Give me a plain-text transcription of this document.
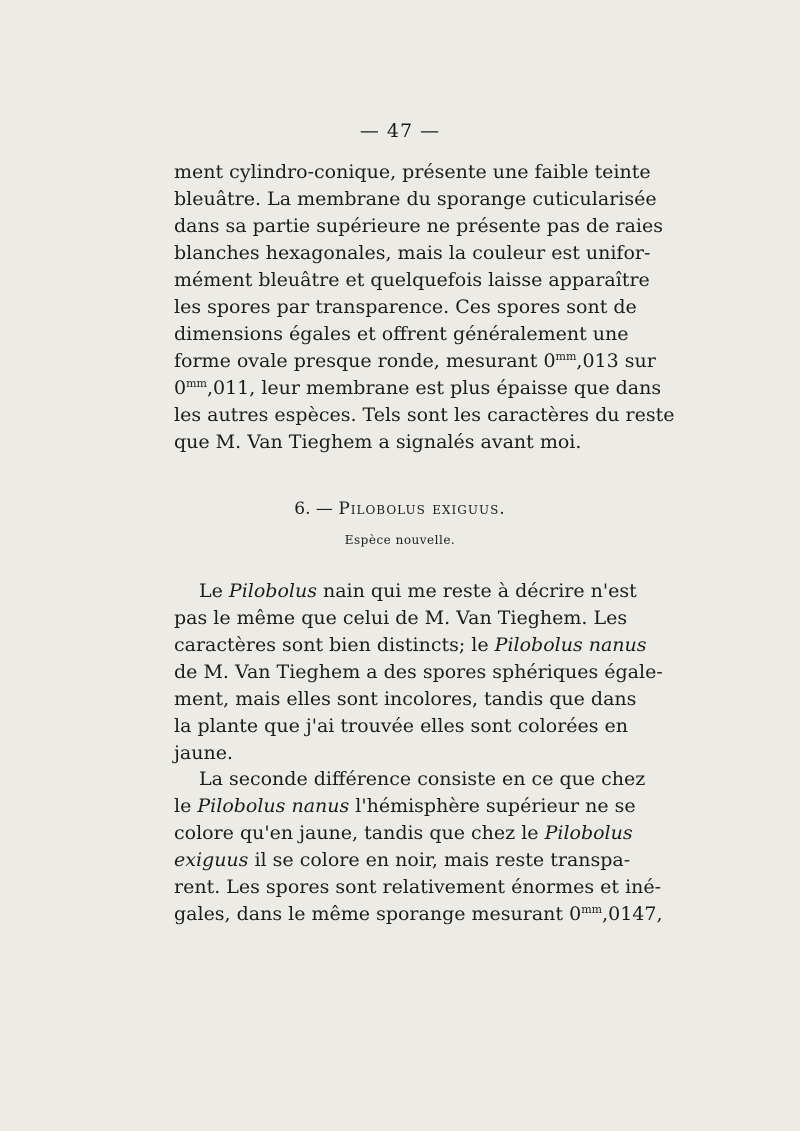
— 47 —
ment cylindro-conique, présente une faible teinte
bleuâtre. La membrane du sporange cuticularisée
dans sa partie supérieure ne présente pas de raies
blanches hexagonales, mais la couleur est unifor-
mément bleuâtre et quelquefois laisse apparaître
les spores par transparence. Ces spores sont de
dimensions égales et offrent généralement une
forme ovale presque ronde, mesurant $0^{mm},013$ sur
$0^{mm},011$, leur membrane est plus épaisse que dans
les autres espèces. Tels sont les caractères du reste
que M. Van Tieghem a signalés avant moi.
6. — Pilobolus exiguus.
Espèce nouvelle.
Le Pilobolus nain qui me reste à décrire n'est
pas le même que celui de M. Van Tieghem. Les
caractères sont bien distincts; le Pilobolus nanus
de M. Van Tieghem a des spores sphériques égale-
ment, mais elles sont incolores, tandis que dans
la plante que j'ai trouvée elles sont colorées en
jaune.
La seconde différence consiste en ce que chez
le Pilobolus nanus l'hémisphère supérieur ne se
colore qu'en jaune, tandis que chez le Pilobolus
exiguus il se colore en noir, mais reste transpa-
rent. Les spores sont relativement énormes et iné-
gales, dans le même sporange mesurant $0^{mm},0147$,
